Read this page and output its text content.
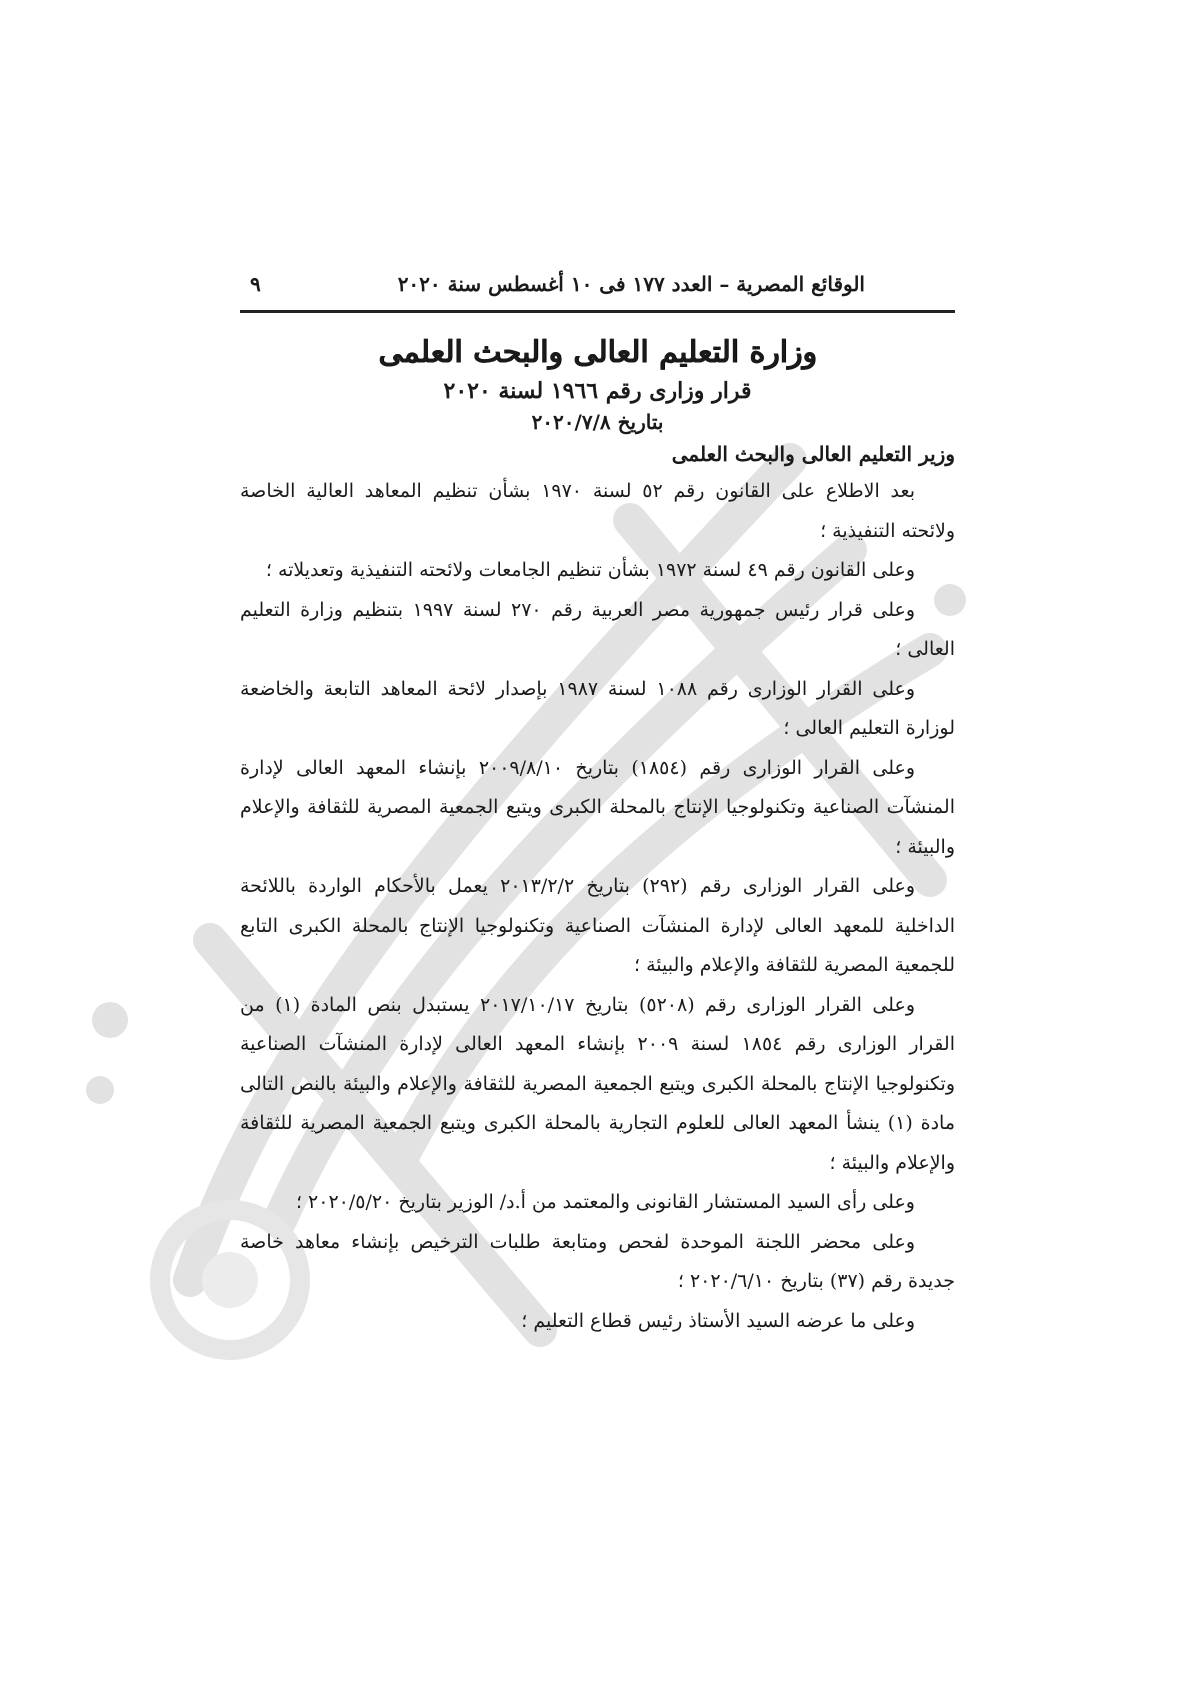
الوقائع المصرية – العدد ١٧٧ فى ١٠ أغسطس سنة ٢٠٢٠
٩
وزارة التعليم العالى والبحث العلمى
قرار وزارى رقم ١٩٦٦ لسنة ٢٠٢٠
بتاريخ ٢٠٢٠/٧/٨
وزير التعليم العالى والبحث العلمى

بعد الاطلاع على القانون رقم ٥٢ لسنة ١٩٧٠ بشأن تنظيم المعاهد العالية الخاصة ولائحته التنفيذية ؛

وعلى القانون رقم ٤٩ لسنة ١٩٧٢ بشأن تنظيم الجامعات ولائحته التنفيذية وتعديلاته ؛

وعلى قرار رئيس جمهورية مصر العربية رقم ٢٧٠ لسنة ١٩٩٧ بتنظيم وزارة التعليم العالى ؛

وعلى القرار الوزارى رقم ١٠٨٨ لسنة ١٩٨٧ بإصدار لائحة المعاهد التابعة والخاضعة لوزارة التعليم العالى ؛

وعلى القرار الوزارى رقم (١٨٥٤) بتاريخ ٢٠٠٩/٨/١٠ بإنشاء المعهد العالى لإدارة المنشآت الصناعية وتكنولوجيا الإنتاج بالمحلة الكبرى ويتبع الجمعية المصرية للثقافة والإعلام والبيئة ؛

وعلى القرار الوزارى رقم (٢٩٢) بتاريخ ٢٠١٣/٢/٢ يعمل بالأحكام الواردة باللائحة الداخلية للمعهد العالى لإدارة المنشآت الصناعية وتكنولوجيا الإنتاج بالمحلة الكبرى التابع للجمعية المصرية للثقافة والإعلام والبيئة ؛

وعلى القرار الوزارى رقم (٥٢٠٨) بتاريخ ٢٠١٧/١٠/١٧ يستبدل بنص المادة (١) من القرار الوزارى رقم ١٨٥٤ لسنة ٢٠٠٩ بإنشاء المعهد العالى لإدارة المنشآت الصناعية وتكنولوجيا الإنتاج بالمحلة الكبرى ويتبع الجمعية المصرية للثقافة والإعلام والبيئة بالنص التالى مادة (١) ينشأ المعهد العالى للعلوم التجارية بالمحلة الكبرى ويتبع الجمعية المصرية للثقافة والإعلام والبيئة ؛

وعلى رأى السيد المستشار القانونى والمعتمد من أ.د/ الوزير بتاريخ ٢٠٢٠/٥/٢٠ ؛

وعلى محضر اللجنة الموحدة لفحص ومتابعة طلبات الترخيص بإنشاء معاهد خاصة جديدة رقم (٣٧) بتاريخ ٢٠٢٠/٦/١٠ ؛

وعلى ما عرضه السيد الأستاذ رئيس قطاع التعليم ؛
